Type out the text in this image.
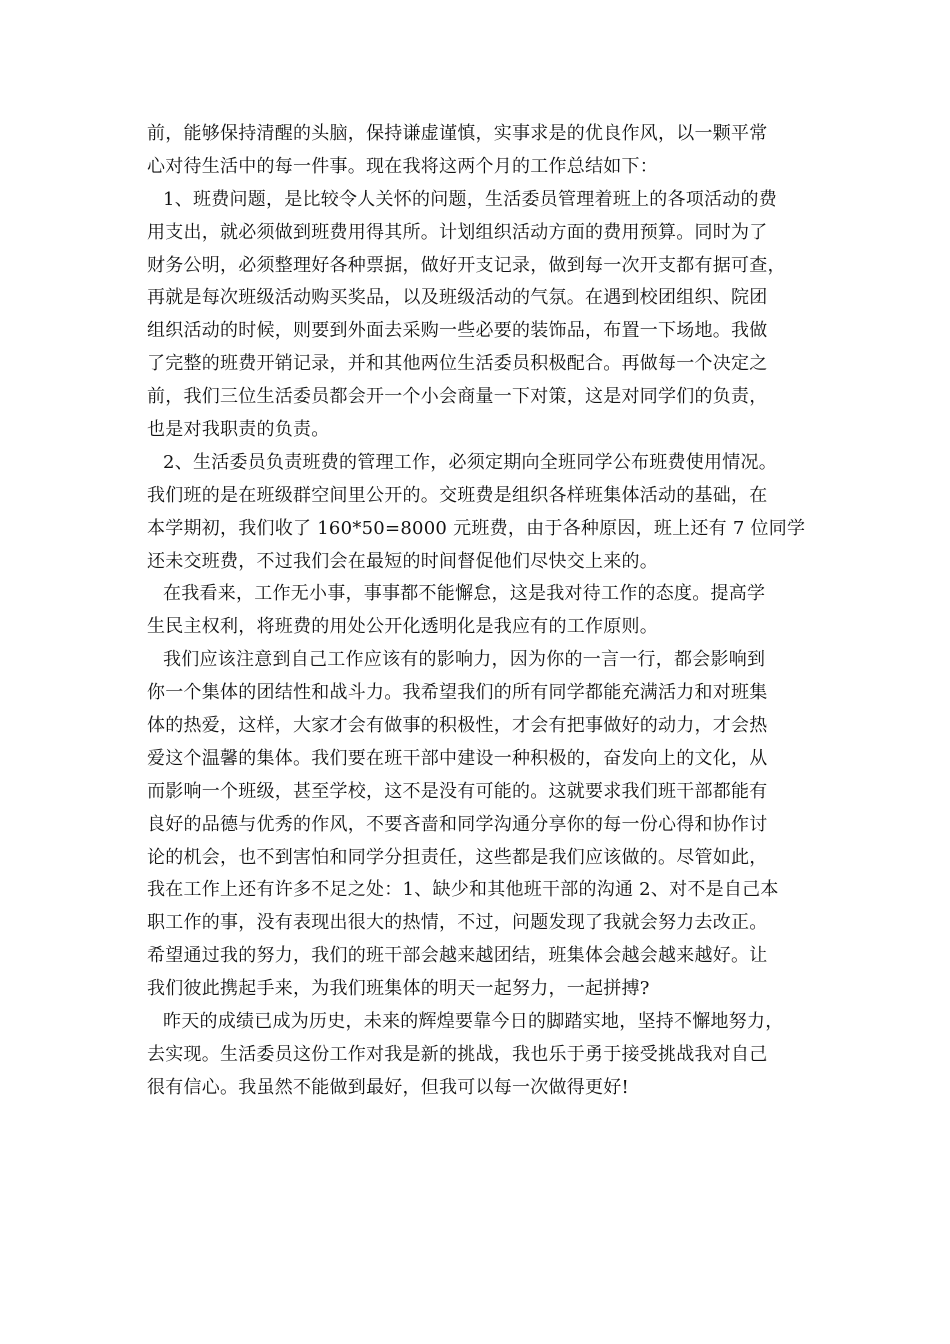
前，能够保持清醒的头脑，保持谦虚谨慎，实事求是的优良作风，以一颗平常
心对待生活中的每一件事。现在我将这两个月的工作总结如下：
1、班费问题，是比较令人关怀的问题，生活委员管理着班上的各项活动的费
用支出，就必须做到班费用得其所。计划组织活动方面的费用预算。同时为了
财务公明，必须整理好各种票据，做好开支记录，做到每一次开支都有据可查，
再就是每次班级活动购买奖品，以及班级活动的气氛。在遇到校团组织、院团
组织活动的时候，则要到外面去采购一些必要的装饰品，布置一下场地。我做
了完整的班费开销记录，并和其他两位生活委员积极配合。再做每一个决定之
前，我们三位生活委员都会开一个小会商量一下对策，这是对同学们的负责，
也是对我职责的负责。
2、生活委员负责班费的管理工作，必须定期向全班同学公布班费使用情况。
我们班的是在班级群空间里公开的。交班费是组织各样班集体活动的基础，在
本学期初，我们收了 160*50=8000 元班费，由于各种原因，班上还有 7 位同学
还未交班费，不过我们会在最短的时间督促他们尽快交上来的。
在我看来，工作无小事，事事都不能懈怠，这是我对待工作的态度。提高学
生民主权利，将班费的用处公开化透明化是我应有的工作原则。
我们应该注意到自己工作应该有的影响力，因为你的一言一行，都会影响到
你一个集体的团结性和战斗力。我希望我们的所有同学都能充满活力和对班集
体的热爱，这样，大家才会有做事的积极性，才会有把事做好的动力，才会热
爱这个温馨的集体。我们要在班干部中建设一种积极的，奋发向上的文化，从
而影响一个班级，甚至学校，这不是没有可能的。这就要求我们班干部都能有
良好的品德与优秀的作风，不要吝啬和同学沟通分享你的每一份心得和协作讨
论的机会，也不到害怕和同学分担责任，这些都是我们应该做的。尽管如此，
我在工作上还有许多不足之处：1、缺少和其他班干部的沟通 2、对不是自己本
职工作的事，没有表现出很大的热情，不过，问题发现了我就会努力去改正。
希望通过我的努力，我们的班干部会越来越团结，班集体会越会越来越好。让
我们彼此携起手来，为我们班集体的明天一起努力，一起拼搏?
昨天的成绩已成为历史，未来的辉煌要靠今日的脚踏实地，坚持不懈地努力，
去实现。生活委员这份工作对我是新的挑战，我也乐于勇于接受挑战我对自己
很有信心。我虽然不能做到最好，但我可以每一次做得更好!
